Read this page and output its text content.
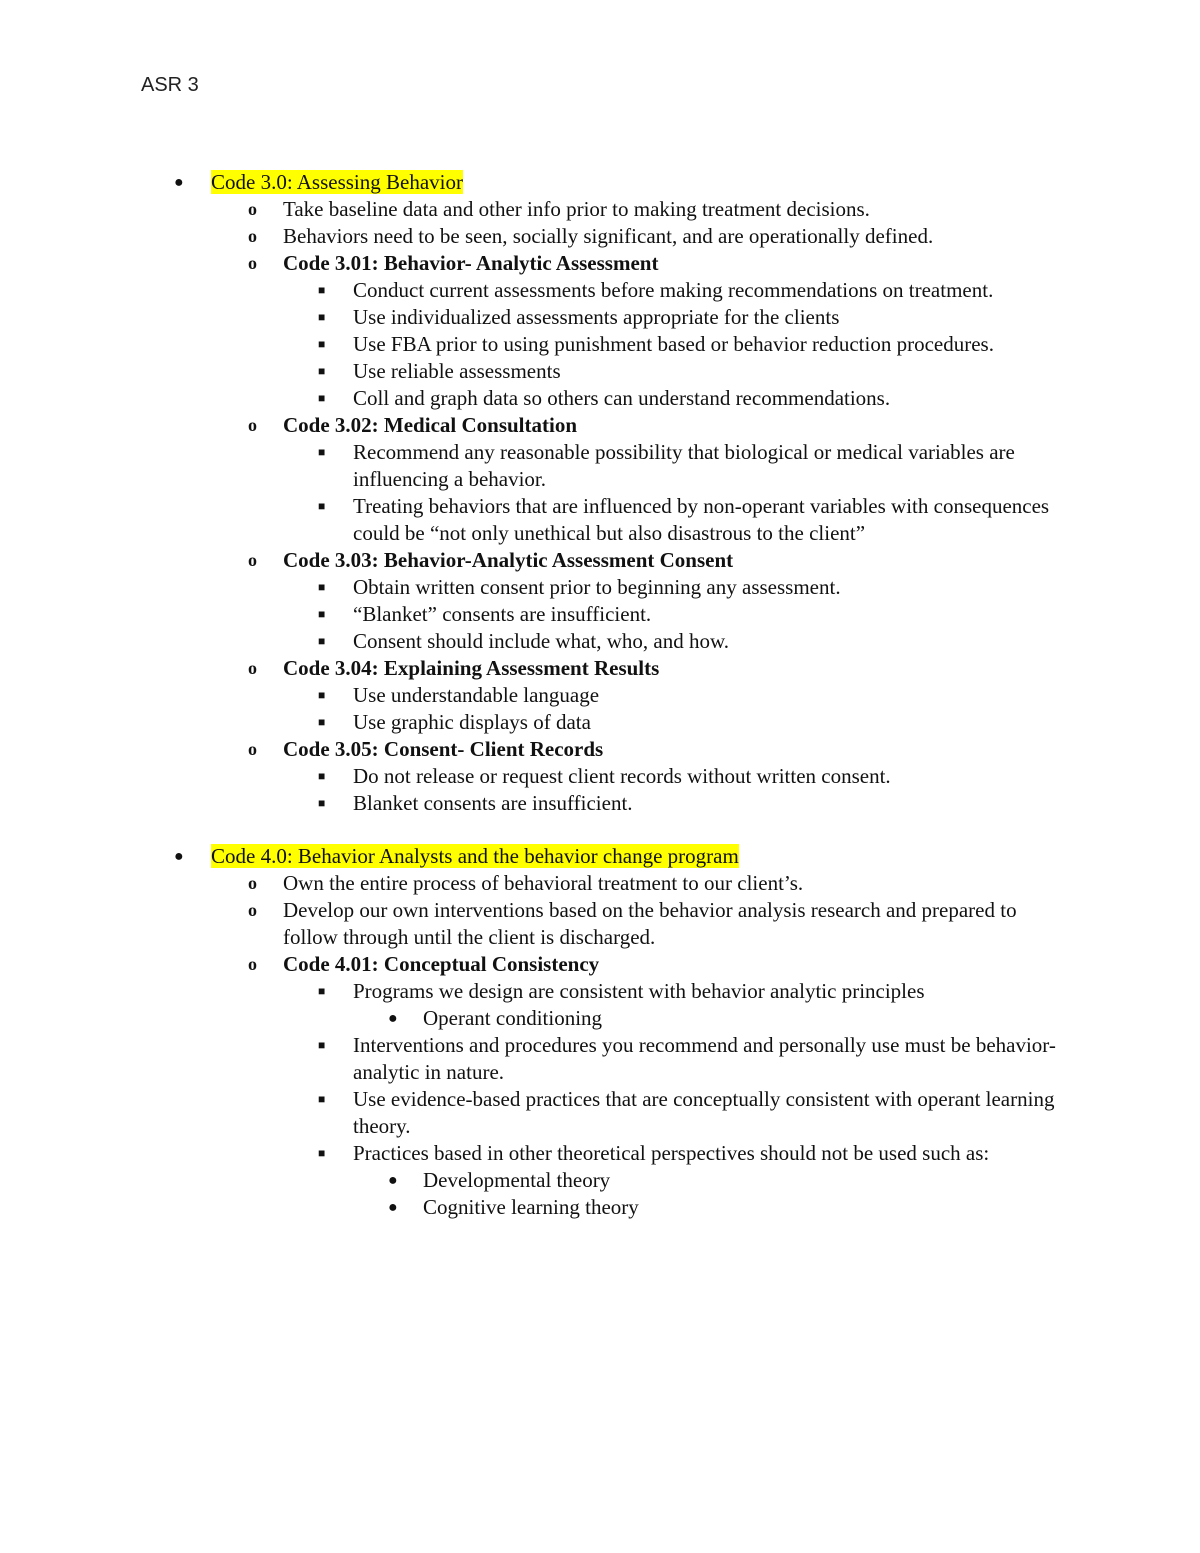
ASR 3
● Code 3.0: Assessing Behavior
o Take baseline data and other info prior to making treatment decisions.
o Behaviors need to be seen, socially significant, and are operationally defined.
o Code 3.01: Behavior- Analytic Assessment
■ Conduct current assessments before making recommendations on treatment.
■ Use individualized assessments appropriate for the clients
■ Use FBA prior to using punishment based or behavior reduction procedures.
■ Use reliable assessments
■ Coll and graph data so others can understand recommendations.
o Code 3.02: Medical Consultation
■ Recommend any reasonable possibility that biological or medical variables are influencing a behavior.
■ Treating behaviors that are influenced by non-operant variables with consequences could be “not only unethical but also disastrous to the client”
o Code 3.03: Behavior-Analytic Assessment Consent
■ Obtain written consent prior to beginning any assessment.
■ “Blanket” consents are insufficient.
■ Consent should include what, who, and how.
o Code 3.04: Explaining Assessment Results
■ Use understandable language
■ Use graphic displays of data
o Code 3.05: Consent- Client Records
■ Do not release or request client records without written consent.
■ Blanket consents are insufficient.
● Code 4.0: Behavior Analysts and the behavior change program
o Own the entire process of behavioral treatment to our client’s.
o Develop our own interventions based on the behavior analysis research and prepared to follow through until the client is discharged.
o Code 4.01: Conceptual Consistency
■ Programs we design are consistent with behavior analytic principles
● Operant conditioning
■ Interventions and procedures you recommend and personally use must be behavior-analytic in nature.
■ Use evidence-based practices that are conceptually consistent with operant learning theory.
■ Practices based in other theoretical perspectives should not be used such as:
● Developmental theory
● Cognitive learning theory
